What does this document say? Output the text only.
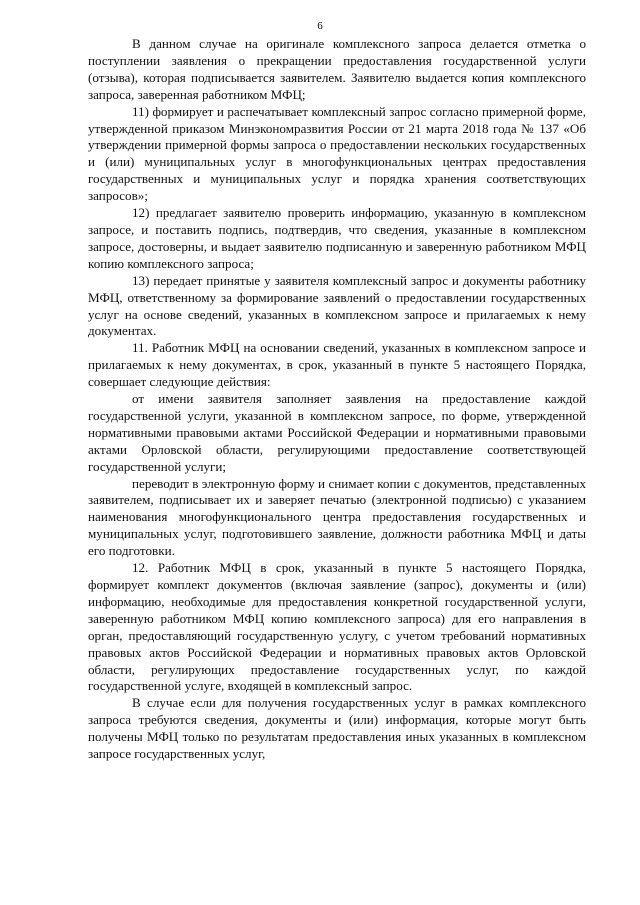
6

В данном случае на оригинале комплексного запроса делается отметка о поступлении заявления о прекращении предоставления государственной услуги (отзыва), которая подписывается заявителем. Заявителю выдается копия комплексного запроса, заверенная работником МФЦ;

11) формирует и распечатывает комплексный запрос согласно примерной форме, утвержденной приказом Минэкономразвития России от 21 марта 2018 года № 137 «Об утверждении примерной формы запроса о предоставлении нескольких государственных и (или) муниципальных услуг в многофункциональных центрах предоставления государственных и муниципальных услуг и порядка хранения соответствующих запросов»;

12) предлагает заявителю проверить информацию, указанную в комплексном запросе, и поставить подпись, подтвердив, что сведения, указанные в комплексном запросе, достоверны, и выдает заявителю подписанную и заверенную работником МФЦ копию комплексного запроса;

13) передает принятые у заявителя комплексный запрос и документы работнику МФЦ, ответственному за формирование заявлений о предоставлении государственных услуг на основе сведений, указанных в комплексном запросе и прилагаемых к нему документах.

11. Работник МФЦ на основании сведений, указанных в комплексном запросе и прилагаемых к нему документах, в срок, указанный в пункте 5 настоящего Порядка, совершает следующие действия:

от имени заявителя заполняет заявления на предоставление каждой государственной услуги, указанной в комплексном запросе, по форме, утвержденной нормативными правовыми актами Российской Федерации и нормативными правовыми актами Орловской области, регулирующими предоставление соответствующей государственной услуги;

переводит в электронную форму и снимает копии с документов, представленных заявителем, подписывает их и заверяет печатью (электронной подписью) с указанием наименования многофункционального центра предоставления государственных и муниципальных услуг, подготовившего заявление, должности работника МФЦ и даты его подготовки.

12. Работник МФЦ в срок, указанный в пункте 5 настоящего Порядка, формирует комплект документов (включая заявление (запрос), документы и (или) информацию, необходимые для предоставления конкретной государственной услуги, заверенную работником МФЦ копию комплексного запроса) для его направления в орган, предоставляющий государственную услугу, с учетом требований нормативных правовых актов Российской Федерации и нормативных правовых актов Орловской области, регулирующих предоставление государственных услуг, по каждой государственной услуге, входящей в комплексный запрос.

В случае если для получения государственных услуг в рамках комплексного запроса требуются сведения, документы и (или) информация, которые могут быть получены МФЦ только по результатам предоставления иных указанных в комплексном запросе государственных услуг,
